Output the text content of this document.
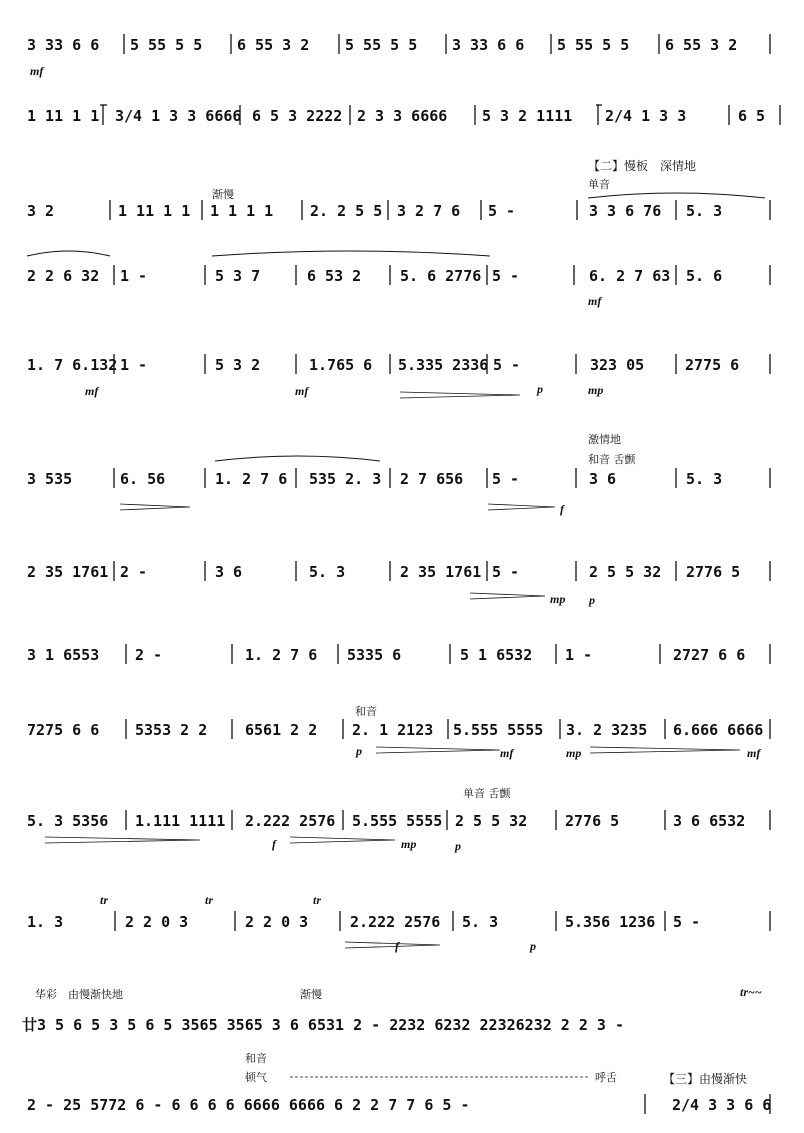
3 33 6 6 5 55 5 5 6 55 3 2 5 55 5 5 3 33 6 6 5 55 5 5 6 55 3 2
mf
1 11 1 1 3/4 1 3 3 6666 6 5 3 2222 2 3 3 6666 5 3 2 1111 2/4 1 3 3	6 5
3 2	1 11 1 1 1 1 1 1 2. 2 5 5 3 2 7 6 5 -	3 3 6 76 5. 3
【二】慢板　深情地
单音
渐慢
2 2 6 32 1 -	5 3 7	6 53 2	5. 6 2776 5 -	6. 2 7 63 5. 6
mf
1. 7 6.132 1 -	5 3 2	1.765 6 5.335 2336 5 -	323 05	2775 6
mf	mf	p	mp
3 535	6. 56	1. 2 7 6 535 2. 3 2 7 656 5 -	3 6	5. 3
激情地
和音 舌颤
f
2 35 1761 2 -	3 6	5. 3	2 35 1761 5 -	2 5 5 32 2776 5
mp p
3 1 6553 2 -	1. 2 7 6 5335 6	5 1 6532 1 -	2727 6 6
7275 6 6 5353 2 2	6561 2 2 2. 1 2123 5.555 5555 3. 2 3235 6.666 6666
和音
p	mf	mp	mf
5. 3 5356 1.111 1111 2.222 2576 5.555 5555 2 5 5 32	2776 5	3 6 6532
单音 舌颤
f	mp	p
1. 3	2 2 0 3	2 2 0 3	2.222 2576 5. 3	5.356 1236 5 -
tr	tr	tr
f	p
廿3 5 6 5 3 5 6 5 3565 3565 3 6 6531 2 - 2232 6232 22326232 2 2 3 -
华彩　由慢渐快地	渐慢	tr~~
2 - 25 5772 6 - 6 6 6 6 6666 6666 6 2 2 7 7 6 5 -	2/4 3 3 6 6
和音
顿气	呼舌	【三】由慢渐快
